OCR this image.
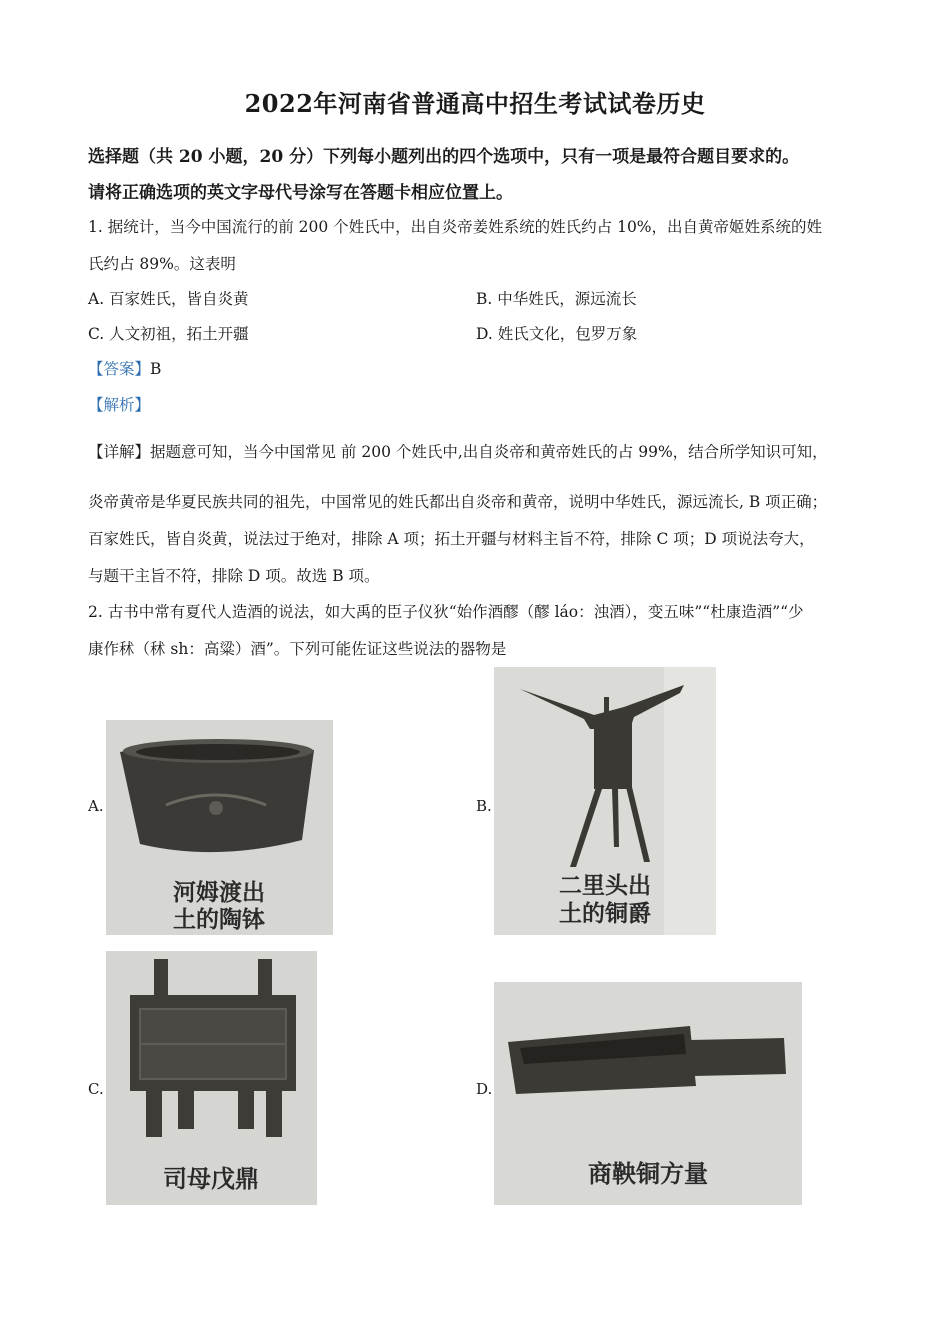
2022年河南省普通高中招生考试试卷历史
选择题（共 20 小题，20 分）下列每小题列出的四个选项中，只有一项是最符合题目要求的。
请将正确选项的英文字母代号涂写在答题卡相应位置上。
1. 据统计，当今中国流行的前 200 个姓氏中，出自炎帝姜姓系统的姓氏约占 10%，出自黄帝姬姓系统的姓
氏约占 89%。这表明
A. 百家姓氏，皆自炎黄	B. 中华姓氏，源远流长
C. 人文初祖，拓土开疆	D. 姓氏文化，包罗万象
【答案】B
【解析】
【详解】据题意可知，当今中国常见 前 200 个姓氏中,出自炎帝和黄帝姓氏的占 99%，结合所学知识可知，
炎帝黄帝是华夏民族共同的祖先，中国常见的姓氏都出自炎帝和黄帝，说明中华姓氏，源远流长, B 项正确；
百家姓氏，皆自炎黄，说法过于绝对，排除 A 项；拓土开疆与材料主旨不符，排除 C 项；D 项说法夸大，
与题干主旨不符，排除 D 项。故选 B 项。
2. 古书中常有夏代人造酒的说法，如大禹的臣子仪狄“始作酒醪（醪 láo：浊酒），变五味”“杜康造酒”“少
康作秫（秫 sh：高粱）酒”。下列可能佐证这些说法的器物是
A.
河姆渡出
土的陶钵
B.
二里头出
土的铜爵
C.
司母戊鼎
D.
商鞅铜方量
